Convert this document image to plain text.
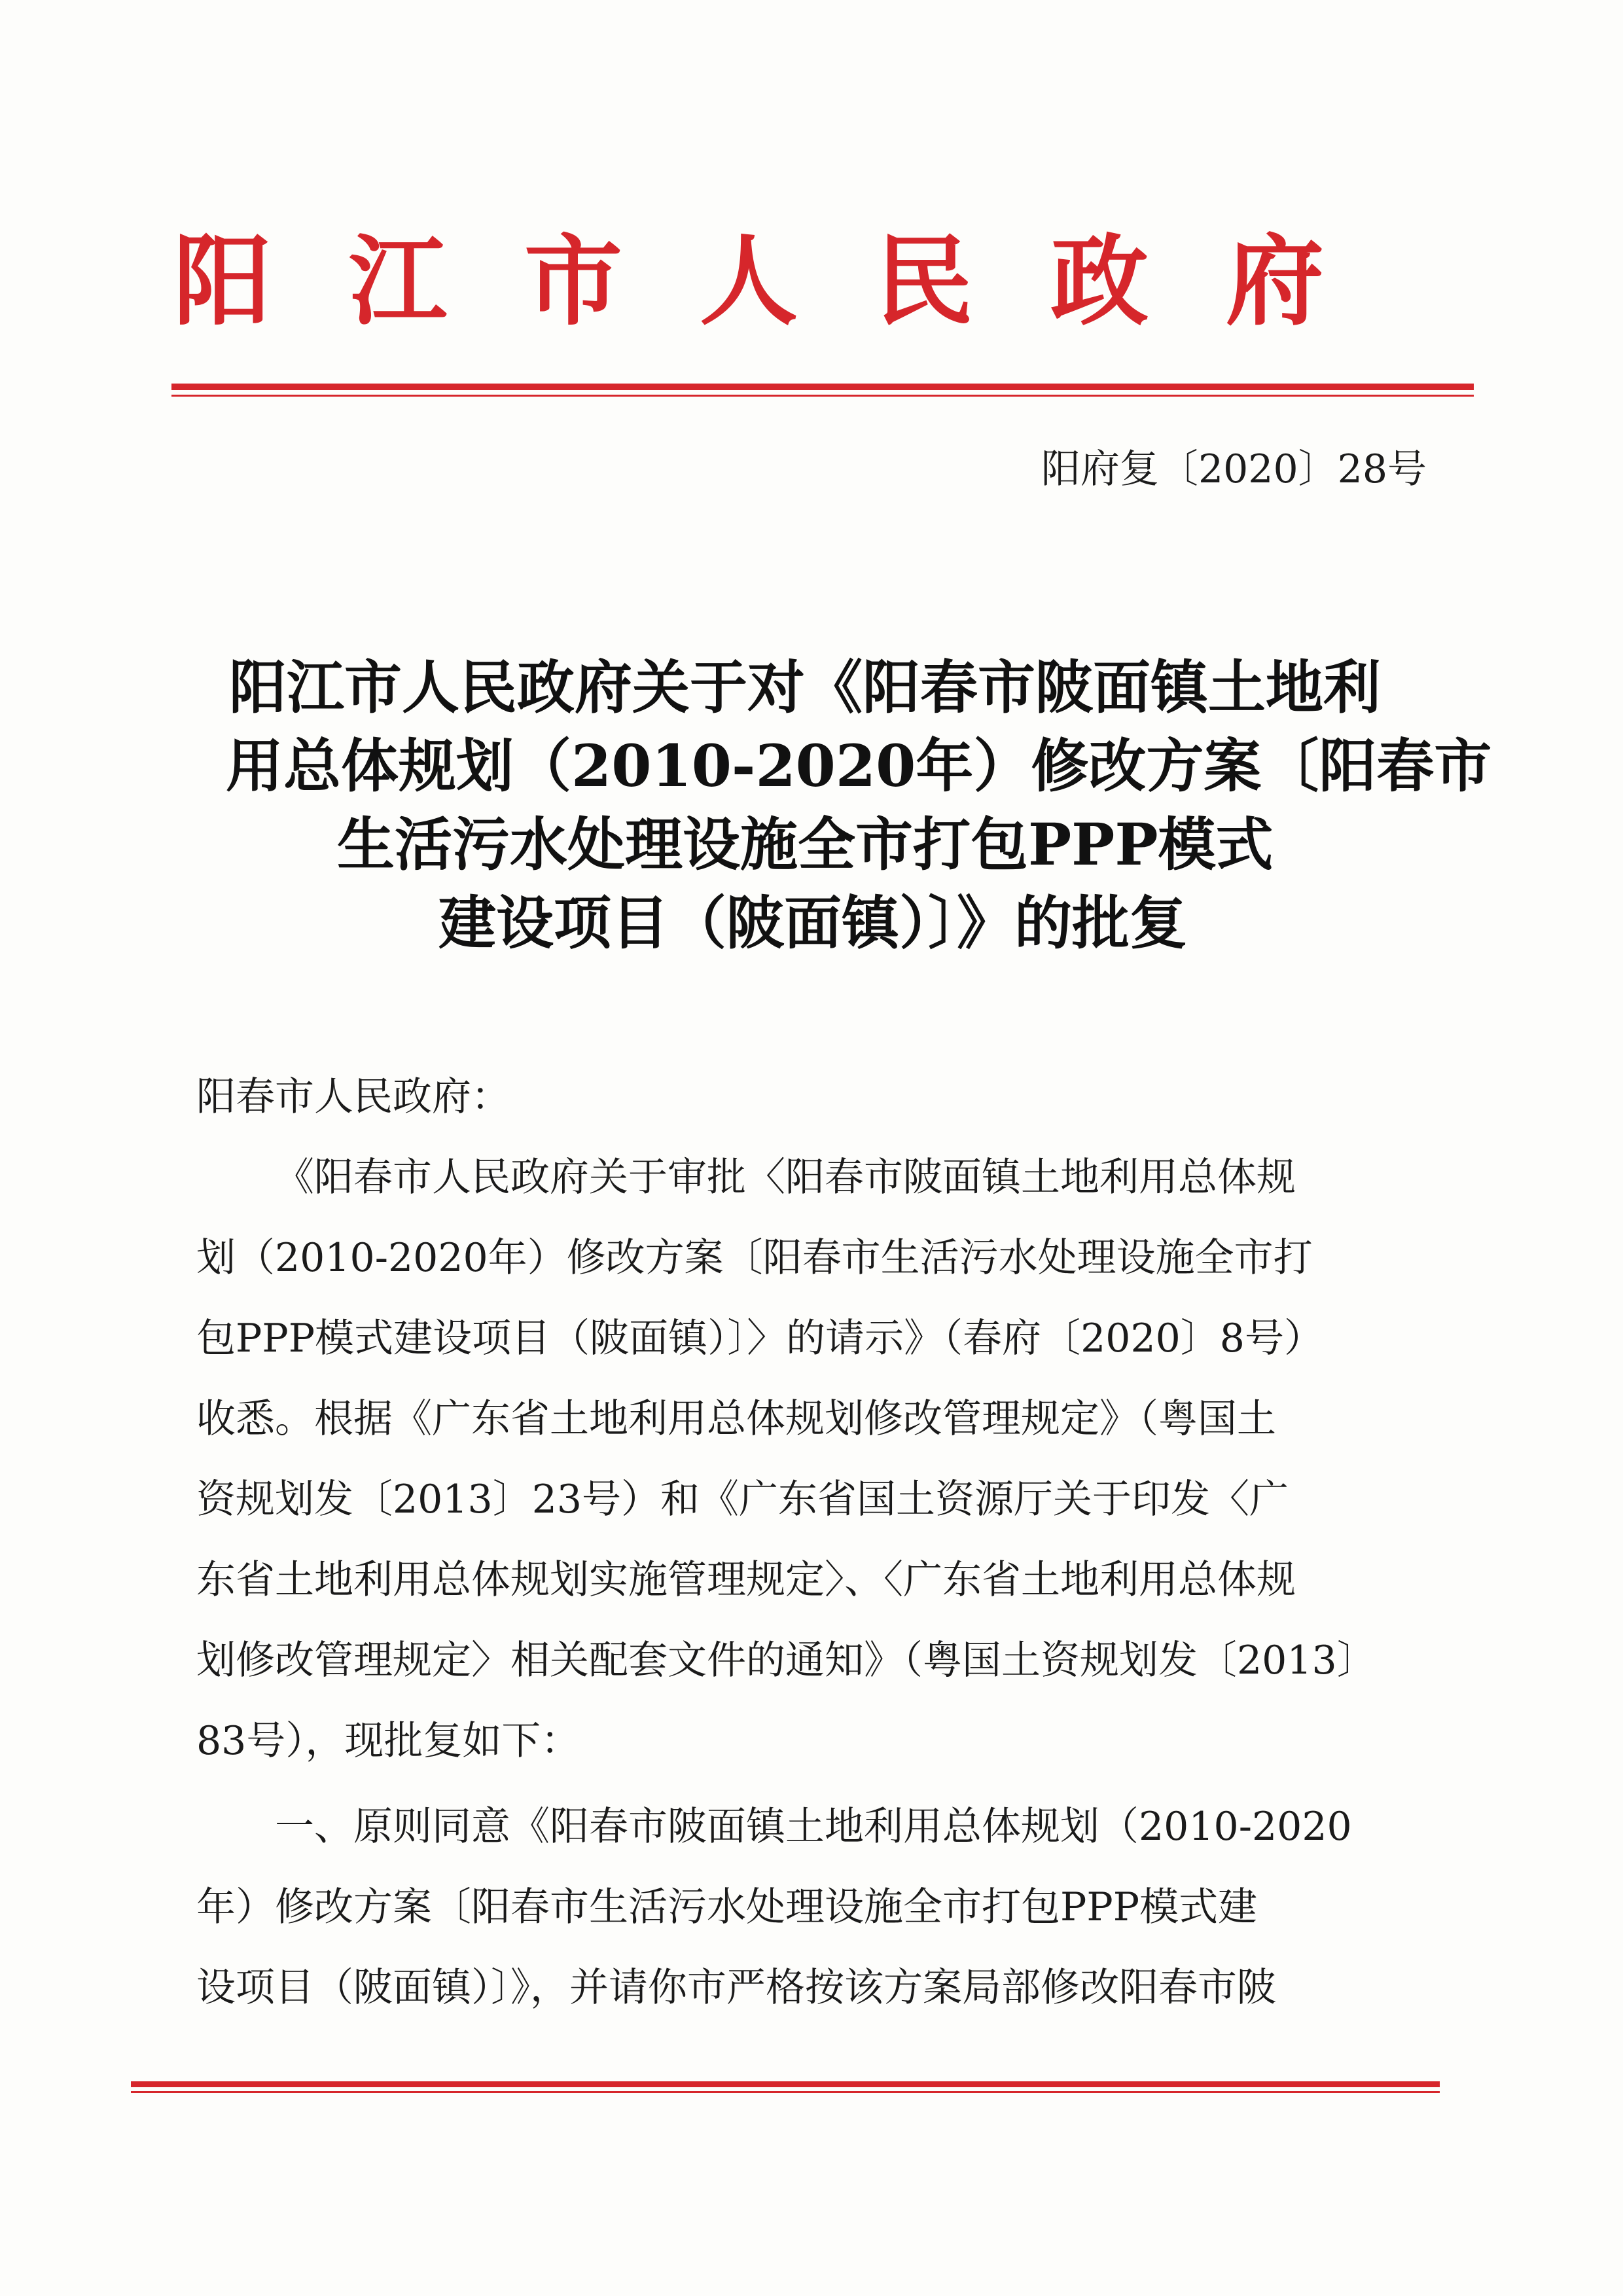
阳江市人民政府
阳府复〔2020〕28号
阳江市人民政府关于对《阳春市陂面镇土地利
用总体规划（2010-2020年）修改方案〔阳春市
生活污水处理设施全市打包PPP模式
建设项目（陂面镇）〕》的批复
阳春市人民政府：
《阳春市人民政府关于审批〈阳春市陂面镇土地利用总体规
划（2010-2020年）修改方案〔阳春市生活污水处理设施全市打
包PPP模式建设项目（陂面镇）〕〉的请示》（春府〔2020〕8号）
收悉。根据《广东省土地利用总体规划修改管理规定》（粤国土
资规划发〔2013〕23号）和《广东省国土资源厅关于印发〈广
东省土地利用总体规划实施管理规定〉、〈广东省土地利用总体规
划修改管理规定〉相关配套文件的通知》（粤国土资规划发〔2013〕
83号），现批复如下：
一、原则同意《阳春市陂面镇土地利用总体规划（2010-2020
年）修改方案〔阳春市生活污水处理设施全市打包PPP模式建
设项目（陂面镇）〕》，并请你市严格按该方案局部修改阳春市陂
